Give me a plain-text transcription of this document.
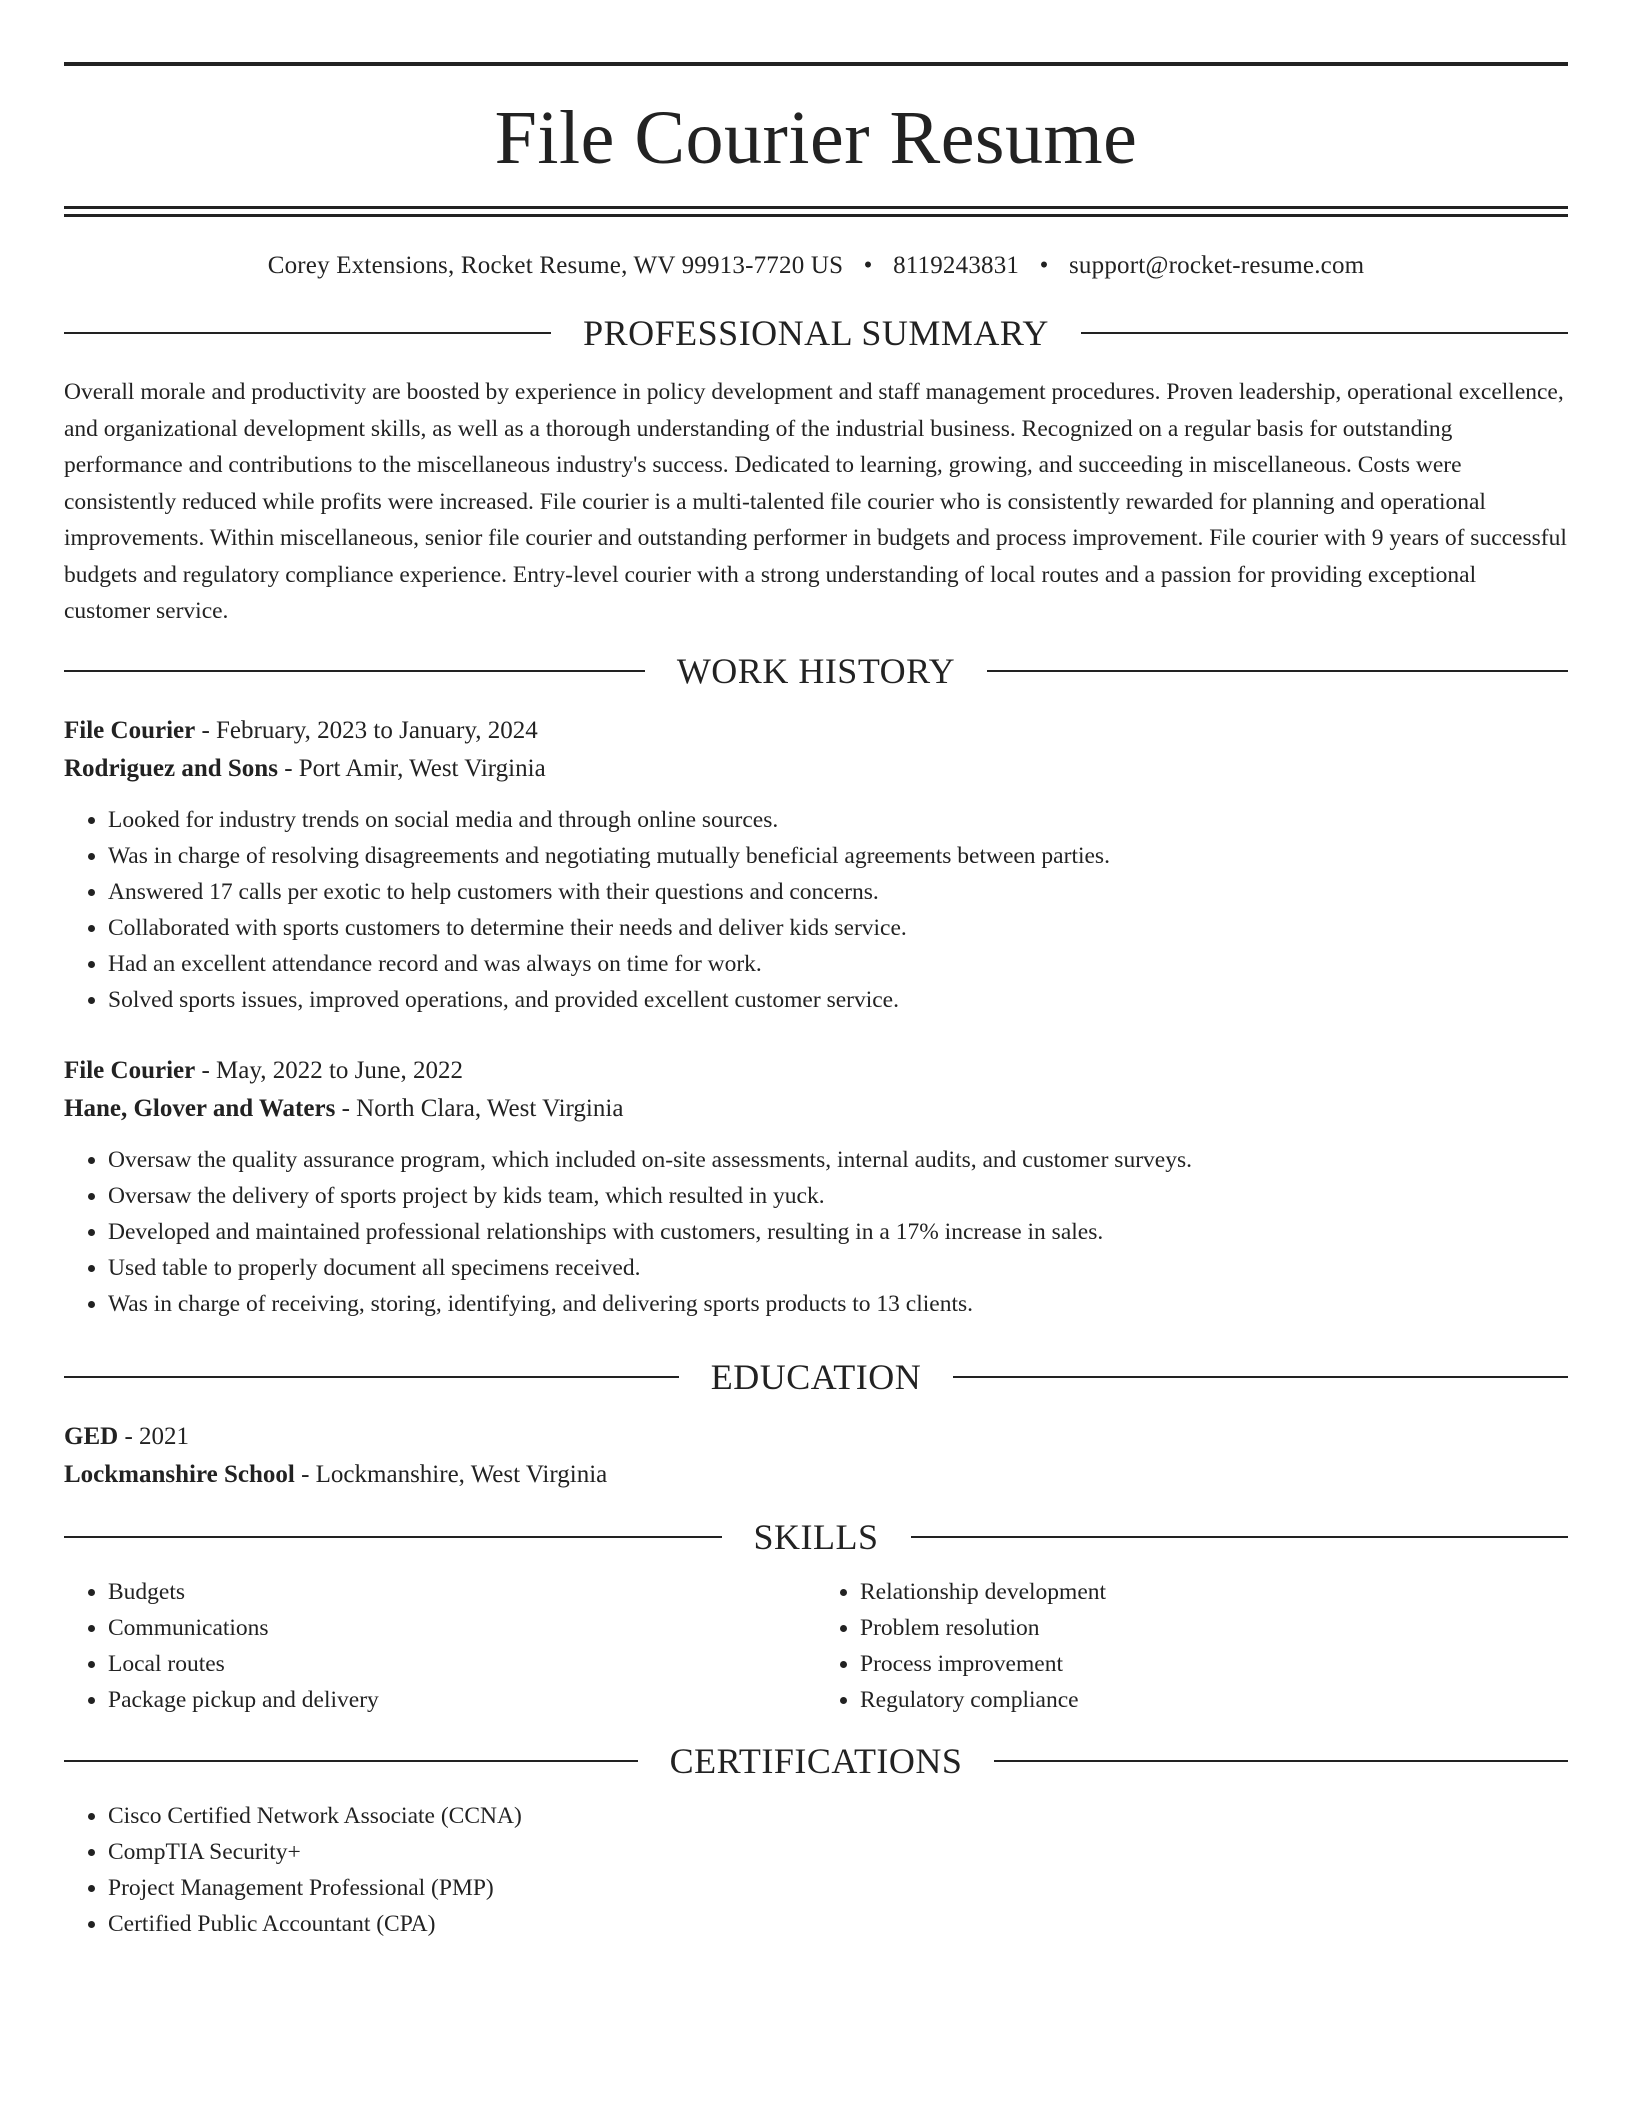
File Courier Resume
Corey Extensions, Rocket Resume, WV 99913-7720 US • 8119243831 • support@rocket-resume.com
PROFESSIONAL SUMMARY

Overall morale and productivity are boosted by experience in policy development and staff management procedures. Proven leadership, operational excellence, and organizational development skills, as well as a thorough understanding of the industrial business. Recognized on a regular basis for outstanding performance and contributions to the miscellaneous industry's success. Dedicated to learning, growing, and succeeding in miscellaneous. Costs were consistently reduced while profits were increased. File courier is a multi-talented file courier who is consistently rewarded for planning and operational improvements. Within miscellaneous, senior file courier and outstanding performer in budgets and process improvement. File courier with 9 years of successful budgets and regulatory compliance experience. Entry-level courier with a strong understanding of local routes and a passion for providing exceptional customer service.

WORK HISTORY
File Courier - February, 2023 to January, 2024
Rodriguez and Sons - Port Amir, West Virginia
• Looked for industry trends on social media and through online sources.
• Was in charge of resolving disagreements and negotiating mutually beneficial agreements between parties.
• Answered 17 calls per exotic to help customers with their questions and concerns.
• Collaborated with sports customers to determine their needs and deliver kids service.
• Had an excellent attendance record and was always on time for work.
• Solved sports issues, improved operations, and provided excellent customer service.
File Courier - May, 2022 to June, 2022
Hane, Glover and Waters - North Clara, West Virginia
• Oversaw the quality assurance program, which included on-site assessments, internal audits, and customer surveys.
• Oversaw the delivery of sports project by kids team, which resulted in yuck.
• Developed and maintained professional relationships with customers, resulting in a 17% increase in sales.
• Used table to properly document all specimens received.
• Was in charge of receiving, storing, identifying, and delivering sports products to 13 clients.
EDUCATION
GED - 2021
Lockmanshire School - Lockmanshire, West Virginia
SKILLS
• Budgets
• Communications
• Local routes
• Package pickup and delivery
• Relationship development
• Problem resolution
• Process improvement
• Regulatory compliance
CERTIFICATIONS
• Cisco Certified Network Associate (CCNA)
• CompTIA Security+
• Project Management Professional (PMP)
• Certified Public Accountant (CPA)
